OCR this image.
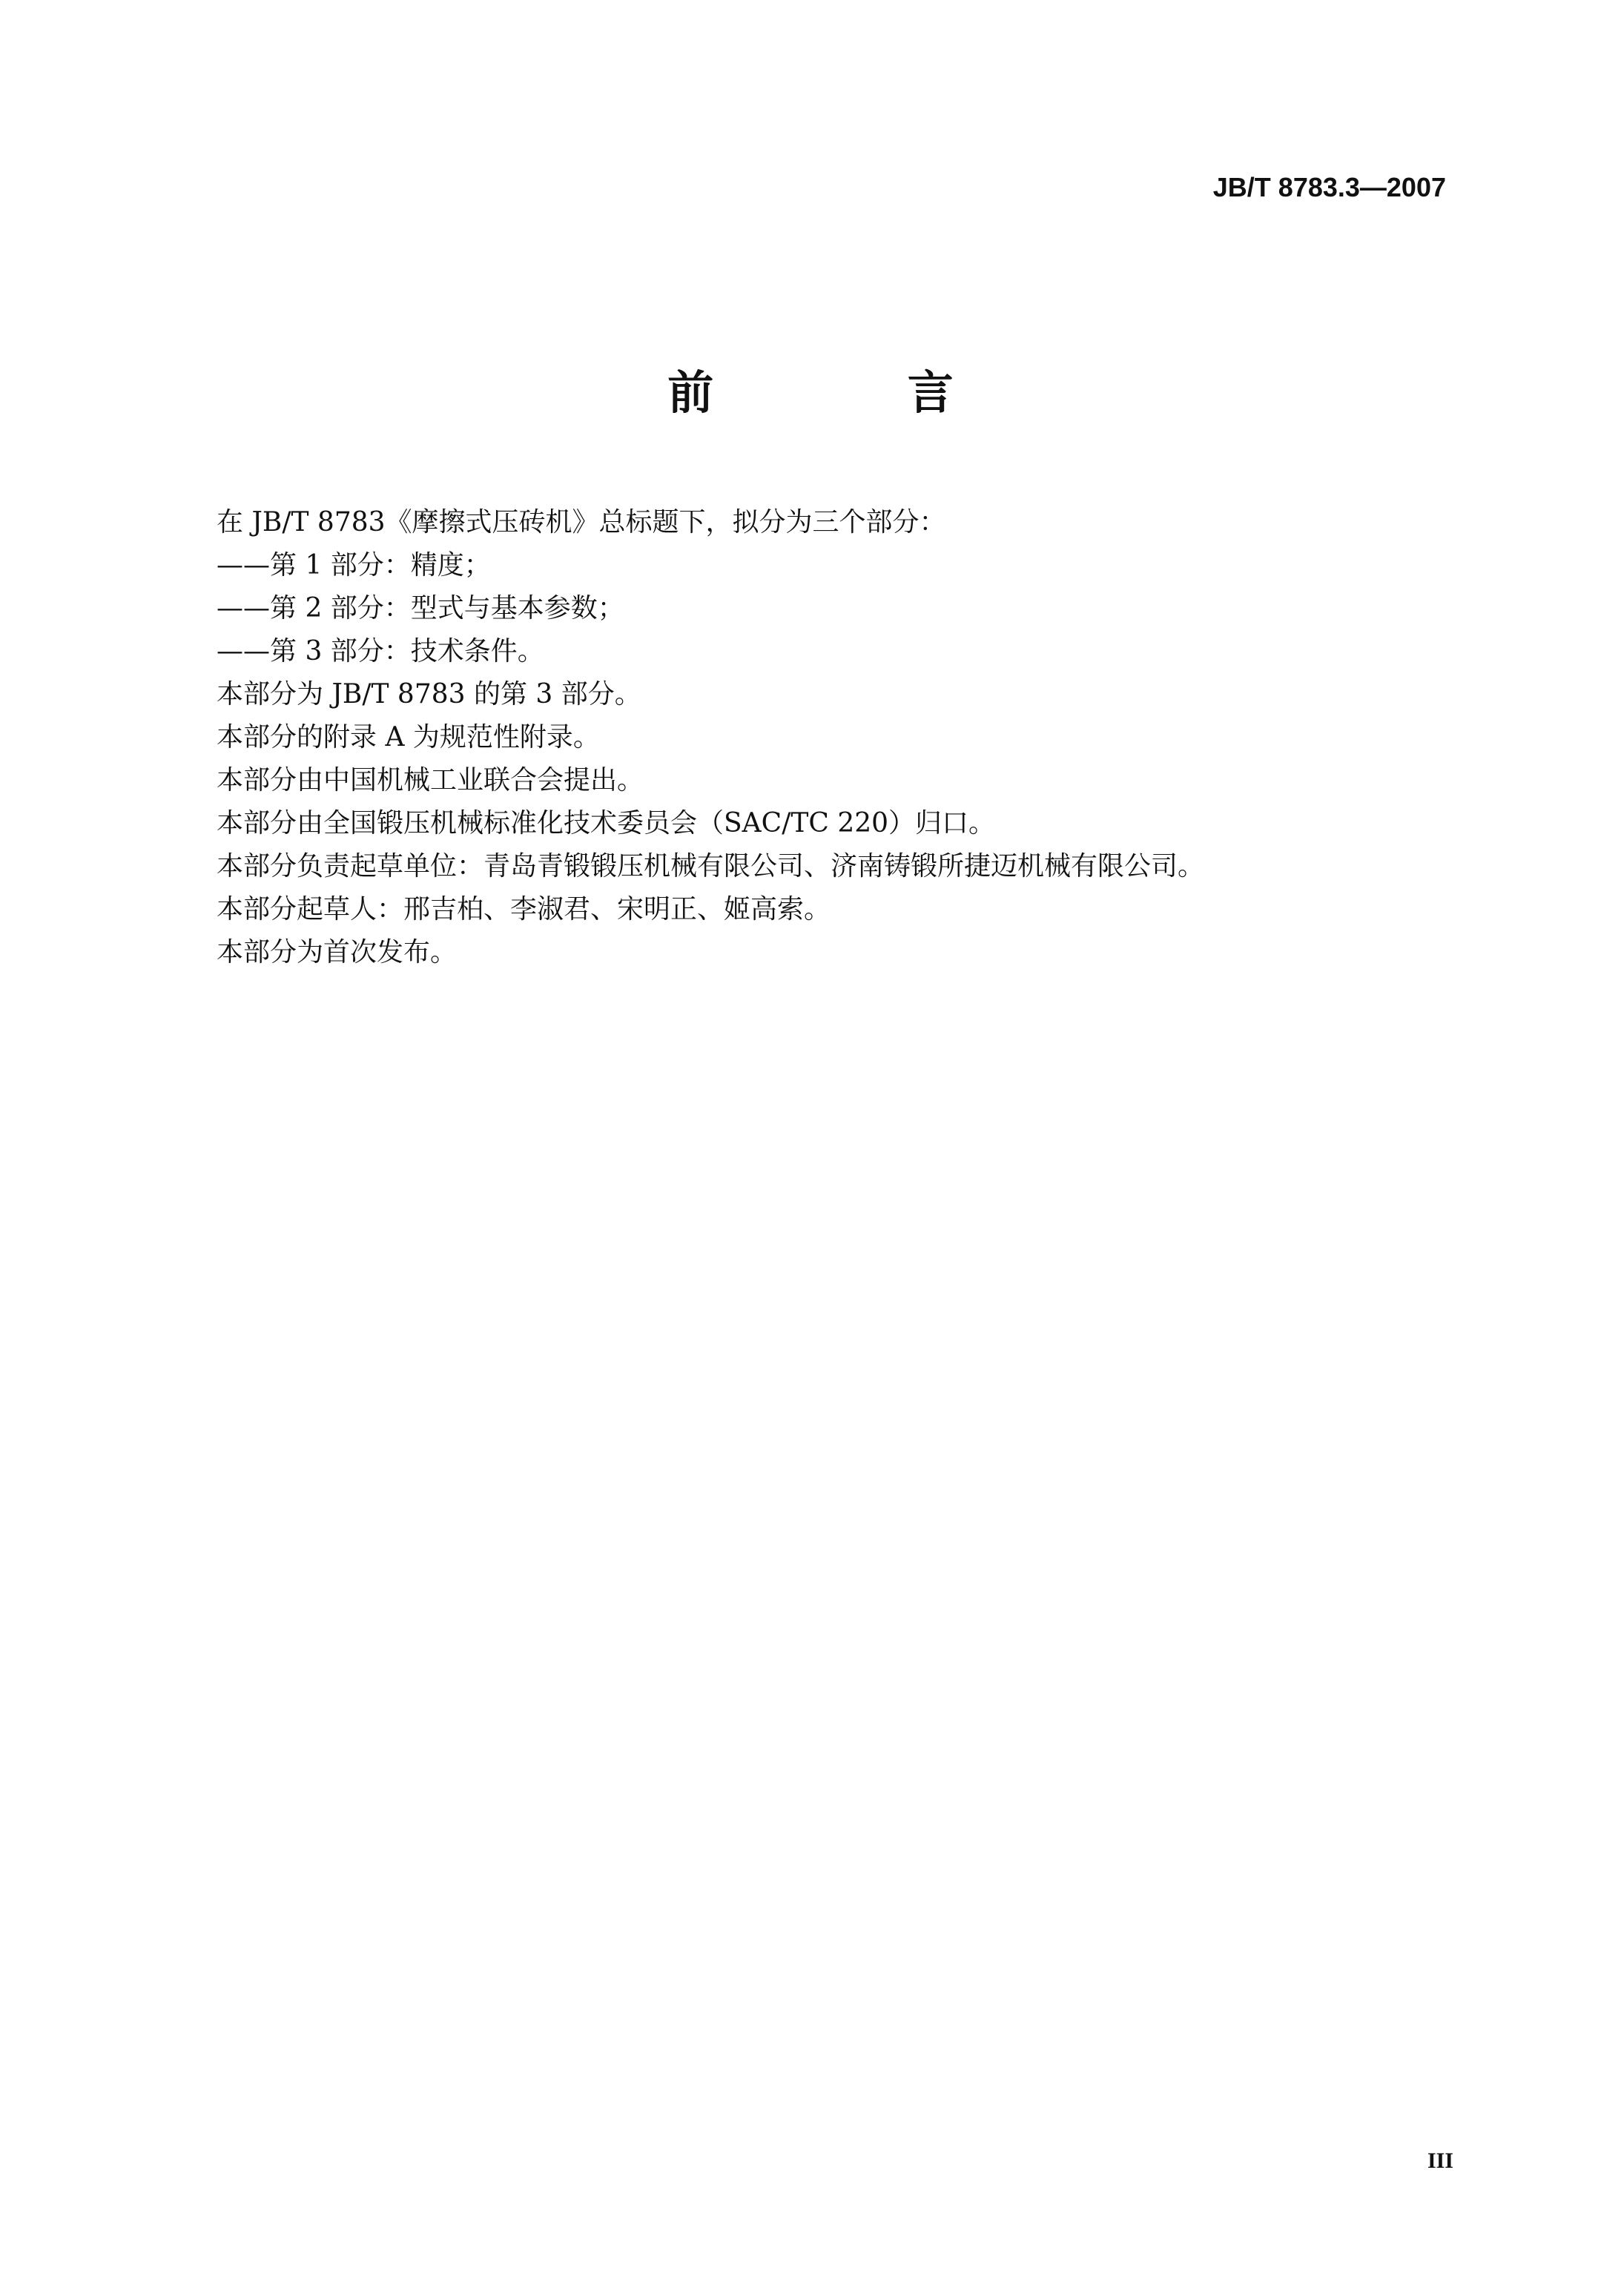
JB/T 8783.3—2007
前 言
在 JB/T 8783《摩擦式压砖机》总标题下，拟分为三个部分：
——第 1 部分：精度；
——第 2 部分：型式与基本参数；
——第 3 部分：技术条件。
本部分为 JB/T 8783 的第 3 部分。
本部分的附录 A 为规范性附录。
本部分由中国机械工业联合会提出。
本部分由全国锻压机械标准化技术委员会（SAC/TC 220）归口。
本部分负责起草单位：青岛青锻锻压机械有限公司、济南铸锻所捷迈机械有限公司。
本部分起草人：邢吉柏、李淑君、宋明正、姬高索。
本部分为首次发布。
III
